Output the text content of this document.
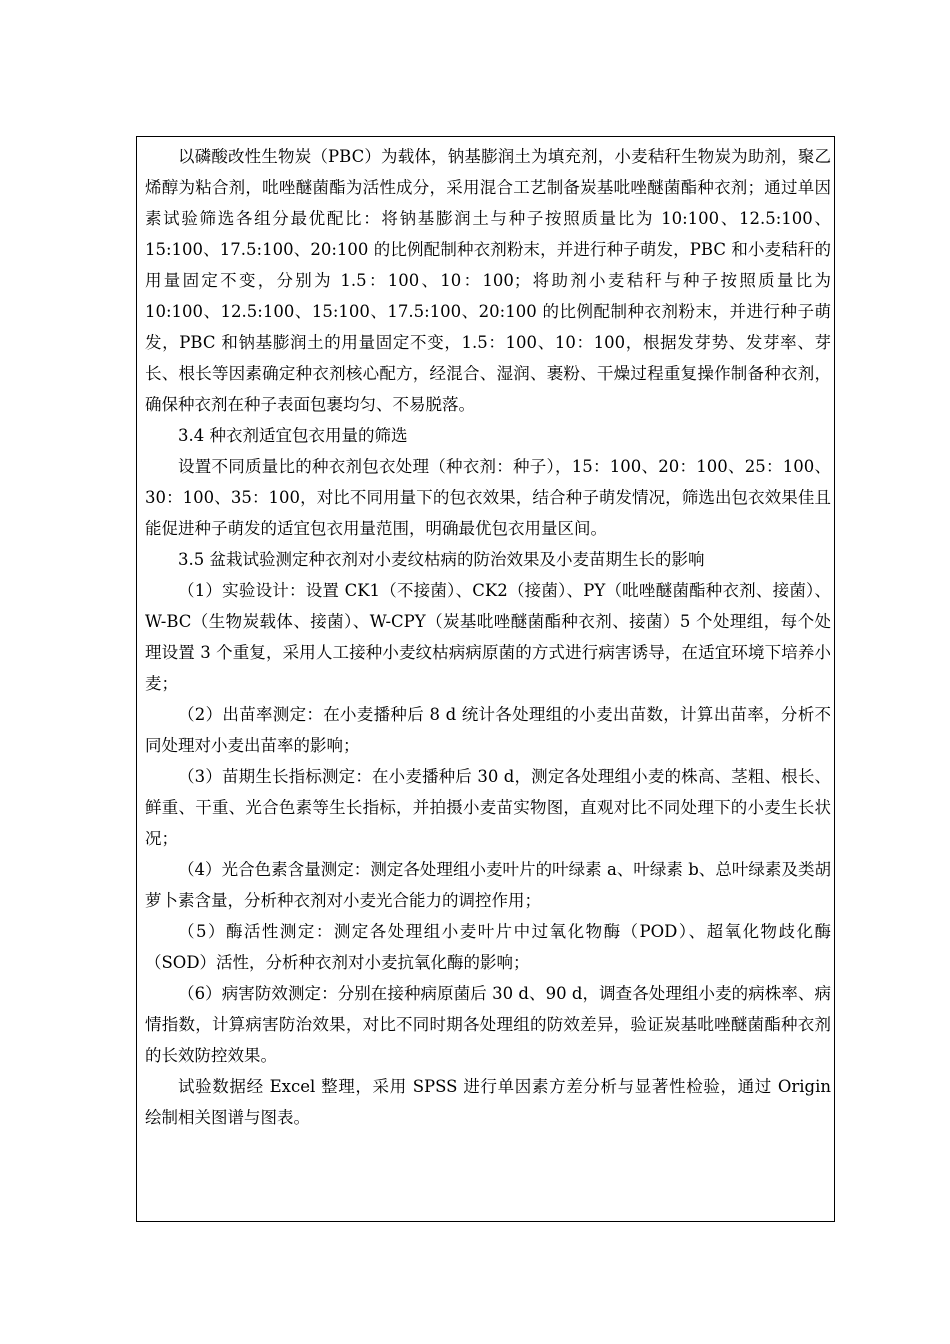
以磷酸改性生物炭（PBC）为载体，钠基膨润土为填充剂，小麦秸秆生物炭为助剂，聚乙烯醇为粘合剂，吡唑醚菌酯为活性成分，采用混合工艺制备炭基吡唑醚菌酯种衣剂；通过单因素试验筛选各组分最优配比：将钠基膨润土与种子按照质量比为 10:100、12.5:100、15:100、17.5:100、20:100 的比例配制种衣剂粉末，并进行种子萌发，PBC 和小麦秸秆的用量固定不变，分别为 1.5：100、10：100；将助剂小麦秸秆与种子按照质量比为 10:100、12.5:100、15:100、17.5:100、20:100 的比例配制种衣剂粉末，并进行种子萌发，PBC 和钠基膨润土的用量固定不变，1.5：100、10：100，根据发芽势、发芽率、芽长、根长等因素确定种衣剂核心配方，经混合、湿润、裹粉、干燥过程重复操作制备种衣剂，确保种衣剂在种子表面包裹均匀、不易脱落。

3.4 种衣剂适宜包衣用量的筛选

设置不同质量比的种衣剂包衣处理（种衣剂：种子），15：100、20：100、25：100、30：100、35：100，对比不同用量下的包衣效果，结合种子萌发情况，筛选出包衣效果佳且能促进种子萌发的适宜包衣用量范围，明确最优包衣用量区间。

3.5 盆栽试验测定种衣剂对小麦纹枯病的防治效果及小麦苗期生长的影响

（1）实验设计：设置 CK1（不接菌）、CK2（接菌）、PY（吡唑醚菌酯种衣剂、接菌）、W-BC（生物炭载体、接菌）、W-CPY（炭基吡唑醚菌酯种衣剂、接菌）5 个处理组，每个处理设置 3 个重复，采用人工接种小麦纹枯病病原菌的方式进行病害诱导，在适宜环境下培养小麦；

（2）出苗率测定：在小麦播种后 8 d 统计各处理组的小麦出苗数，计算出苗率，分析不同处理对小麦出苗率的影响；

（3）苗期生长指标测定：在小麦播种后 30 d，测定各处理组小麦的株高、茎粗、根长、鲜重、干重、光合色素等生长指标，并拍摄小麦苗实物图，直观对比不同处理下的小麦生长状况；

（4）光合色素含量测定：测定各处理组小麦叶片的叶绿素 a、叶绿素 b、总叶绿素及类胡萝卜素含量，分析种衣剂对小麦光合能力的调控作用；

（5）酶活性测定：测定各处理组小麦叶片中过氧化物酶（POD）、超氧化物歧化酶（SOD）活性，分析种衣剂对小麦抗氧化酶的影响；

（6）病害防效测定：分别在接种病原菌后 30 d、90 d，调查各处理组小麦的病株率、病情指数，计算病害防治效果，对比不同时期各处理组的防效差异，验证炭基吡唑醚菌酯种衣剂的长效防控效果。

试验数据经 Excel 整理，采用 SPSS 进行单因素方差分析与显著性检验，通过 Origin 绘制相关图谱与图表。
